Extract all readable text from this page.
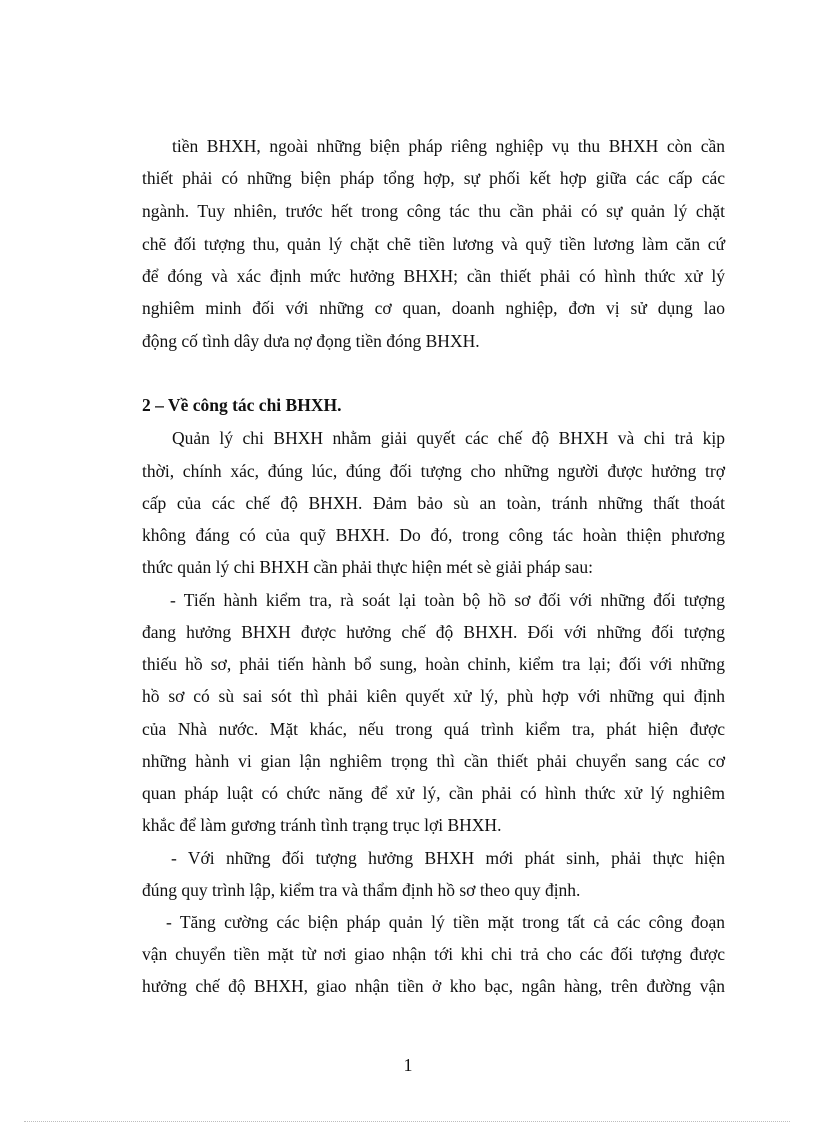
tiền BHXH, ngoài những biện pháp riêng nghiệp vụ thu BHXH còn cần
thiết phải có những biện pháp tổng hợp, sự phối kết hợp giữa các cấp các
ngành. Tuy nhiên, trước hết trong công tác thu cần phải có sự quản lý chặt
chẽ đối tượng thu, quản lý chặt chẽ tiền lương và quỹ tiền lương làm căn cứ
để đóng và xác định mức hưởng BHXH; cần thiết phải có hình thức xử lý
nghiêm minh đối với những cơ quan, doanh nghiệp, đơn vị sử dụng lao
động cố tình dây dưa nợ đọng tiền đóng BHXH.
2 – Về công tác chi BHXH.
Quản lý chi BHXH nhằm giải quyết các chế độ BHXH và chi trả kịp
thời, chính xác, đúng lúc, đúng đối tượng cho những người được hưởng trợ
cấp của các chế độ BHXH. Đảm bảo sù an toàn, tránh những thất thoát
không đáng có của quỹ BHXH. Do đó, trong công tác hoàn thiện phương
thức quản lý chi BHXH cần phải thực hiện mét sè giải pháp sau:
- Tiến hành kiểm tra, rà soát lại toàn bộ hồ sơ đối với những đối tượng
đang hưởng BHXH được hưởng chế độ BHXH. Đối với những đối tượng
thiếu hồ sơ, phải tiến hành bổ sung, hoàn chỉnh, kiểm tra lại; đối với những
hồ sơ có sù sai sót thì phải kiên quyết xử lý, phù hợp với những qui định
của Nhà nước. Mặt khác, nếu trong quá trình kiểm tra, phát hiện được
những hành vi gian lận nghiêm trọng thì cần thiết phải chuyển sang các cơ
quan pháp luật có chức năng để xử lý, cần phải có hình thức xử lý nghiêm
khắc để làm gương tránh tình trạng trục lợi BHXH.
- Với những đối tượng hưởng BHXH mới phát sinh, phải thực hiện
đúng quy trình lập, kiểm tra và thẩm định hồ sơ theo quy định.
- Tăng cường các biện pháp quản lý tiền mặt trong tất cả các công đoạn
vận chuyển tiền mặt từ nơi giao nhận tới khi chi trả cho các đối tượng được
hưởng chế độ BHXH, giao nhận tiền ở kho bạc, ngân hàng, trên đường vận
1
